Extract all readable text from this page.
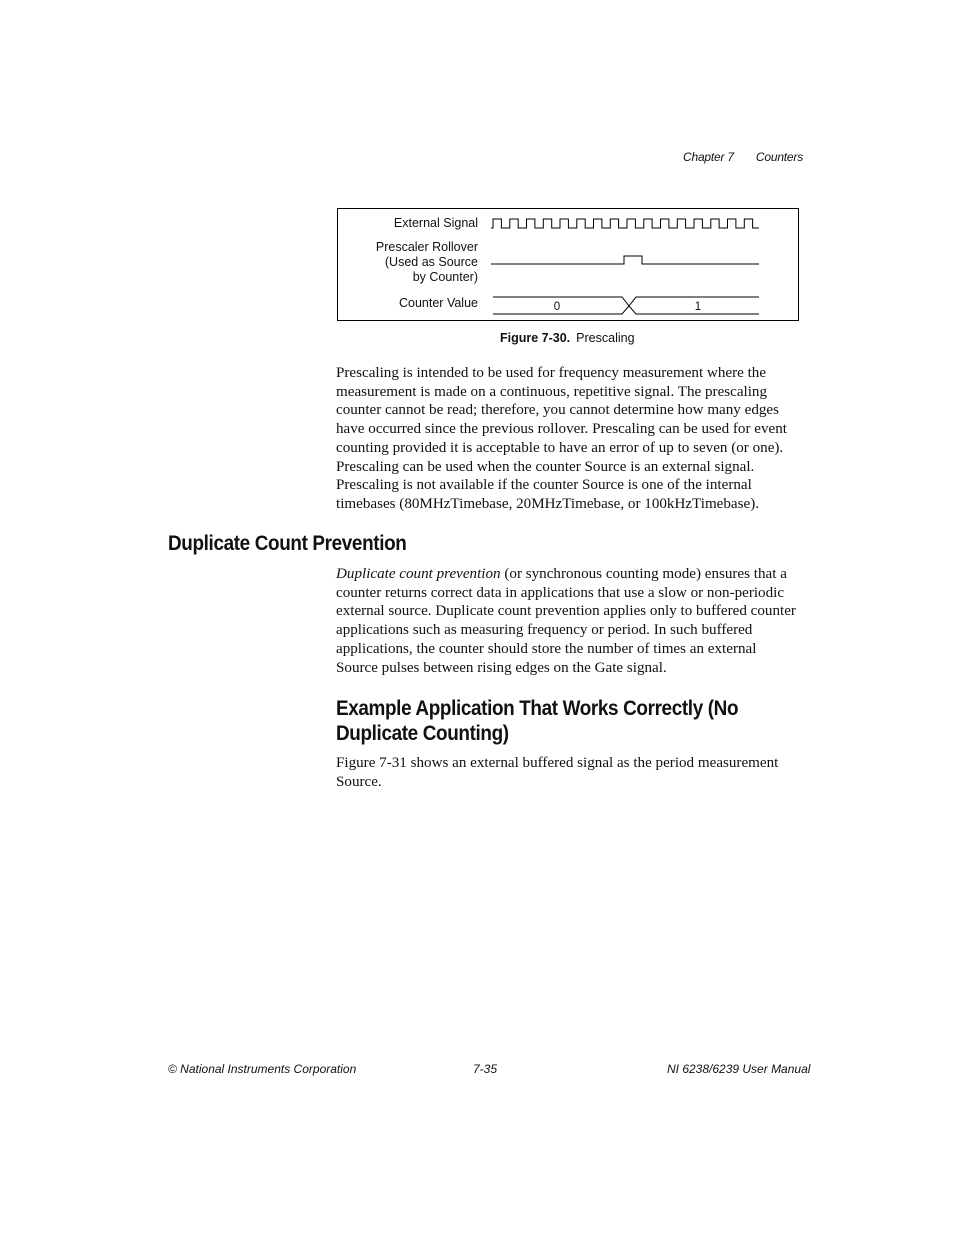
Chapter 7 Counters
External Signal
Prescaler Rollover
(Used as Source
by Counter)
Counter Value	0	1
Figure 7-30. Prescaling

Prescaling is intended to be used for frequency measurement where the measurement is made on a continuous, repetitive signal. The prescaling counter cannot be read; therefore, you cannot determine how many edges have occurred since the previous rollover. Prescaling can be used for event counting provided it is acceptable to have an error of up to seven (or one). Prescaling can be used when the counter Source is an external signal. Prescaling is not available if the counter Source is one of the internal timebases (80MHzTimebase, 20MHzTimebase, or 100kHzTimebase).

Duplicate Count Prevention

Duplicate count prevention (or synchronous counting mode) ensures that a counter returns correct data in applications that use a slow or non-periodic external source. Duplicate count prevention applies only to buffered counter applications such as measuring frequency or period. In such buffered applications, the counter should store the number of times an external Source pulses between rising edges on the Gate signal.

Example Application That Works Correctly (No
Duplicate Counting)

Figure 7-31 shows an external buffered signal as the period measurement Source.

© National Instruments Corporation	7-35	NI 6238/6239 User Manual
